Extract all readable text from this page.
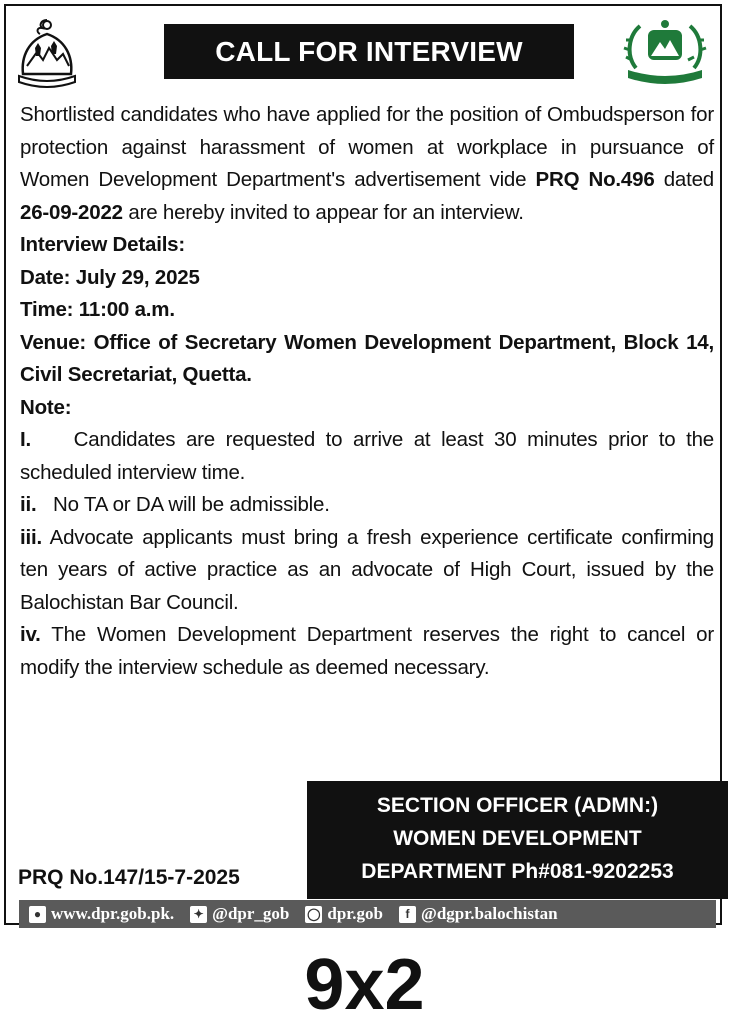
CALL FOR INTERVIEW

Shortlisted candidates who have applied for the position of Ombudsperson for protection against harassment of women at workplace in pursuance of Women Development Department's advertisement vide PRQ No.496 dated 26-09-2022 are hereby invited to appear for an interview.

Interview Details:

Date: July 29, 2025

Time: 11:00 a.m.

Venue: Office of Secretary Women Development Department, Block 14, Civil Secretariat, Quetta.

Note:

I. Candidates are requested to arrive at least 30 minutes prior to the scheduled interview time.

ii. No TA or DA will be admissible.

iii. Advocate applicants must bring a fresh experience certificate confirming ten years of active practice as an advocate of High Court, issued by the Balochistan Bar Council.

iv. The Women Development Department reserves the right to cancel or modify the interview schedule as deemed necessary.

SECTION OFFICER (ADMN:)
WOMEN DEVELOPMENT
DEPARTMENT Ph#081-9202253
PRQ No.147/15-7-2025
● www.dpr.gob.pk. ✦ @dpr_gob ◯ dpr.gob	f @dgpr.balochistan
9x2
